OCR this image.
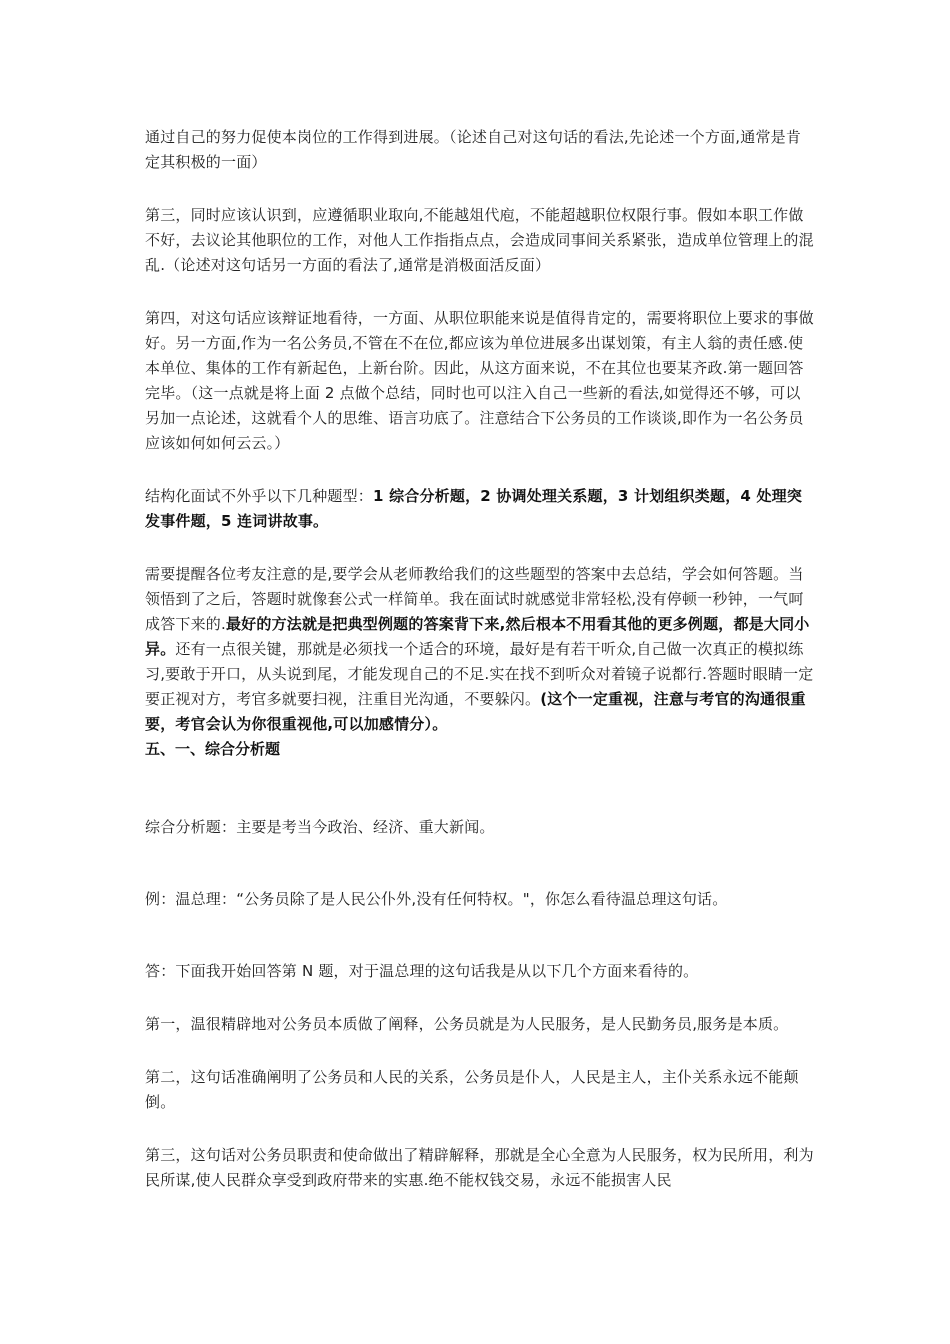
通过自己的努力促使本岗位的工作得到进展。（论述自己对这句话的看法,先论述一个方面,通常是肯定其积极的一面）

第三，同时应该认识到，应遵循职业取向,不能越俎代庖，不能超越职位权限行事。假如本职工作做不好，去议论其他职位的工作，对他人工作指指点点，会造成同事间关系紧张，造成单位管理上的混乱.（论述对这句话另一方面的看法了,通常是消极面活反面）

第四，对这句话应该辩证地看待，一方面、从职位职能来说是值得肯定的，需要将职位上要求的事做好。另一方面,作为一名公务员,不管在不在位,都应该为单位进展多出谋划策，有主人翁的责任感.使本单位、集体的工作有新起色，上新台阶。因此，从这方面来说，不在其位也要某齐政.第一题回答完毕。（这一点就是将上面 2 点做个总结，同时也可以注入自己一些新的看法,如觉得还不够，可以另加一点论述，这就看个人的思维、语言功底了。注意结合下公务员的工作谈谈,即作为一名公务员应该如何如何云云。）

结构化面试不外乎以下几种题型：1 综合分析题，2 协调处理关系题，3 计划组织类题，4 处理突发事件题，5 连词讲故事。

需要提醒各位考友注意的是,要学会从老师教给我们的这些题型的答案中去总结，学会如何答题。当领悟到了之后，答题时就像套公式一样简单。我在面试时就感觉非常轻松,没有停顿一秒钟，一气呵成答下来的.最好的方法就是把典型例题的答案背下来,然后根本不用看其他的更多例题，都是大同小异。还有一点很关键，那就是必须找一个适合的环境，最好是有若干听众,自己做一次真正的模拟练习,要敢于开口，从头说到尾，才能发现自己的不足.实在找不到听众对着镜子说都行.答题时眼睛一定要正视对方，考官多就要扫视，注重目光沟通，不要躲闪。(这个一定重视，注意与考官的沟通很重要，考官会认为你很重视他,可以加感情分）。

五、一、综合分析题

综合分析题：主要是考当今政治、经济、重大新闻。

例：温总理：“公务员除了是人民公仆外,没有任何特权。"，你怎么看待温总理这句话。

答：下面我开始回答第 N 题，对于温总理的这句话我是从以下几个方面来看待的。

第一，温很精辟地对公务员本质做了阐释，公务员就是为人民服务，是人民勤务员,服务是本质。

第二，这句话准确阐明了公务员和人民的关系，公务员是仆人，人民是主人，主仆关系永远不能颠倒。

第三，这句话对公务员职责和使命做出了精辟解释，那就是全心全意为人民服务，权为民所用，利为民所谋,使人民群众享受到政府带来的实惠.绝不能权钱交易，永远不能损害人民
